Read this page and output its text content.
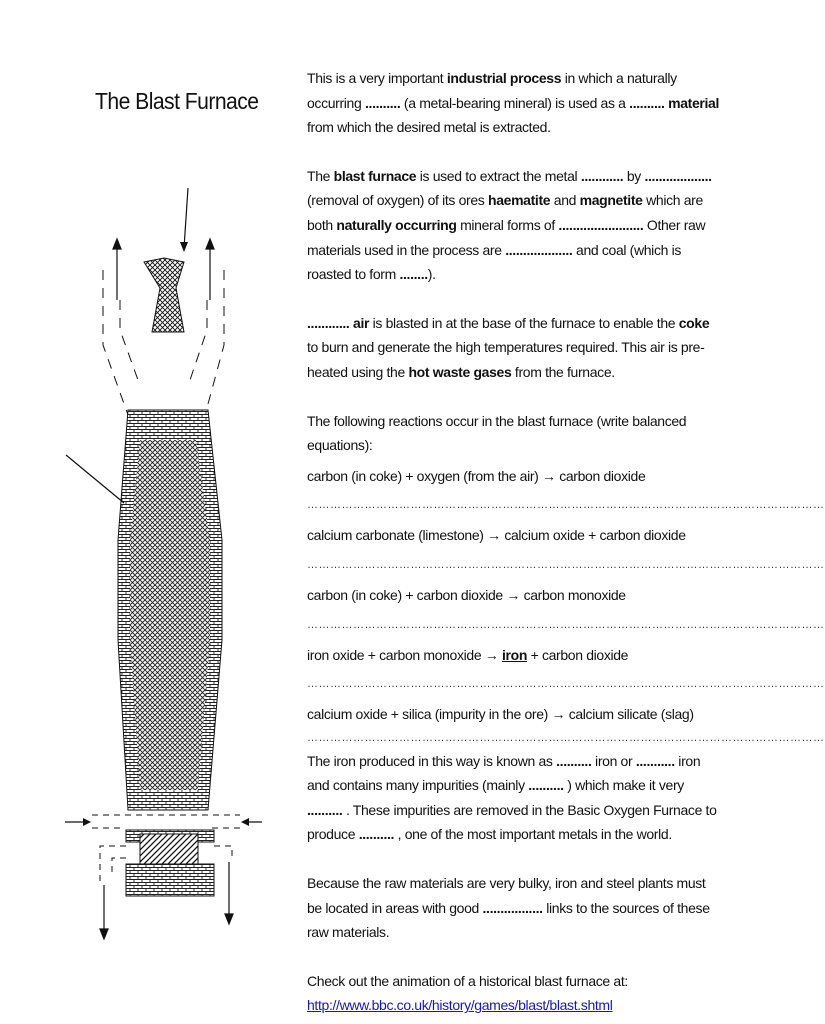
The Blast Furnace

This is a very important industrial process in which a naturally occurring .......... (a metal-bearing mineral) is used as a .......... material from which the desired metal is extracted.

The blast furnace is used to extract the metal ............ by ................... (removal of oxygen) of its ores haematite and magnetite which are both naturally occurring mineral forms of ........................ Other raw materials used in the process are ................... and coal (which is roasted to form ........).

............ air is blasted in at the base of the furnace to enable the coke to burn and generate the high temperatures required. This air is pre-heated using the hot waste gases from the furnace.

The following reactions occur in the blast furnace (write balanced equations):

carbon (in coke) + oxygen (from the air) → carbon dioxide

………………………………………………………………………………………………………………………

calcium carbonate (limestone) → calcium oxide + carbon dioxide

………………………………………………………………………………………………………………………

carbon (in coke) + carbon dioxide → carbon monoxide

………………………………………………………………………………………………………………………

iron oxide + carbon monoxide → iron + carbon dioxide

………………………………………………………………………………………………………………………

calcium oxide + silica (impurity in the ore) → calcium silicate (slag)

………………………………………………………………………………………………………………………

The iron produced in this way is known as .......... iron or ........... iron and contains many impurities (mainly .......... ) which make it very .......... . These impurities are removed in the Basic Oxygen Furnace to produce .......... , one of the most important metals in the world.

Because the raw materials are very bulky, iron and steel plants must be located in areas with good ................. links to the sources of these raw materials.

Check out the animation of a historical blast furnace at:

http://www.bbc.co.uk/history/games/blast/blast.shtml
